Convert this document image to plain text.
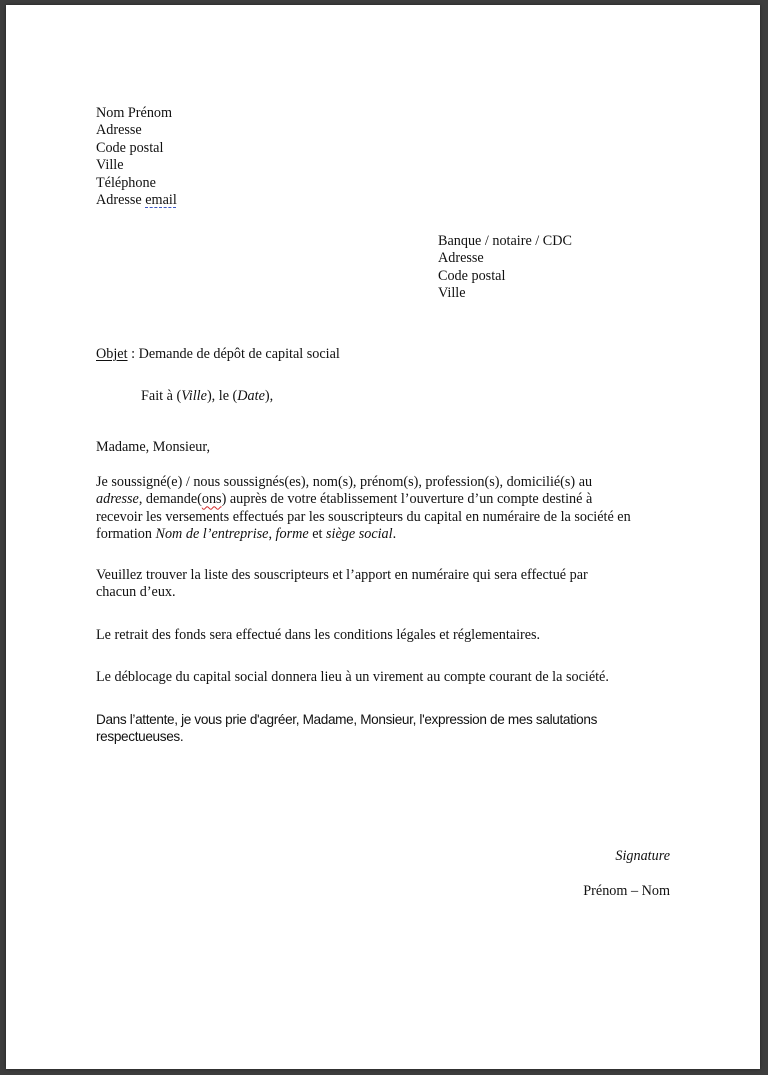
Nom Prénom
Adresse
Code postal
Ville
Téléphone
Adresse email
Banque / notaire / CDC
Adresse
Code postal
Ville
Objet : Demande de dépôt de capital social
Fait à (Ville), le (Date),
Madame, Monsieur,
Je soussigné(e) / nous soussignés(es), nom(s), prénom(s), profession(s), domicilié(s) au
adresse, demande(ons) auprès de votre établissement l’ouverture d’un compte destiné à
recevoir les versements effectués par les souscripteurs du capital en numéraire de la société en
formation Nom de l’entreprise, forme et siège social.
Veuillez trouver la liste des souscripteurs et l’apport en numéraire qui sera effectué par
chacun d’eux.
Le retrait des fonds sera effectué dans les conditions légales et réglementaires.
Le déblocage du capital social donnera lieu à un virement au compte courant de la société.
Dans l’attente, je vous prie d'agréer, Madame, Monsieur, l'expression de mes salutations
respectueuses.
Signature
Prénom – Nom
